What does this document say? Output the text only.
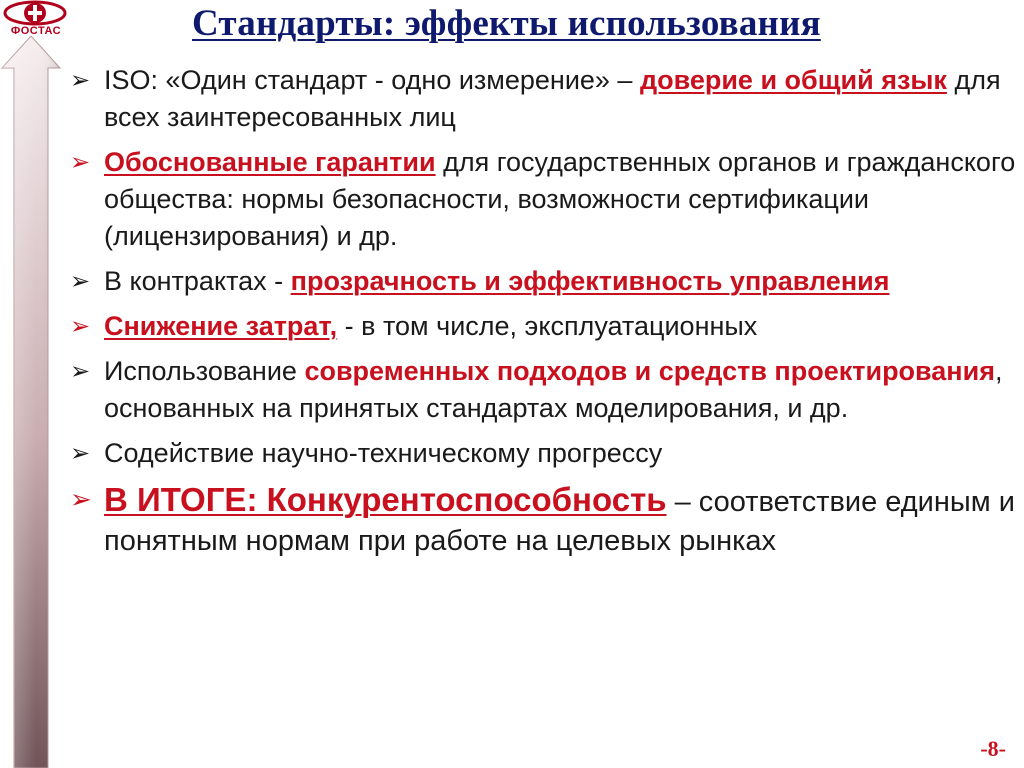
ФОСТАС	Стандарты: эффекты использования
➢ ISO: «Один стандарт - одно измерение» – доверие и общий язык для всех заинтересованных лиц
➢ Обоснованные гарантии для государственных органов и гражданского общества: нормы безопасности, возможности сертификации (лицензирования) и др.
➢ В контрактах - прозрачность и эффективность управления
➢ Снижение затрат, - в том числе, эксплуатационных
➢ Использование современных подходов и средств проектирования, основанных на принятых стандартах моделирования, и др.
➢ Содействие научно-техническому прогрессу
➢ В ИТОГЕ: Конкурентоспособность – соответствие единым и понятным нормам при работе на целевых рынках
-8-
